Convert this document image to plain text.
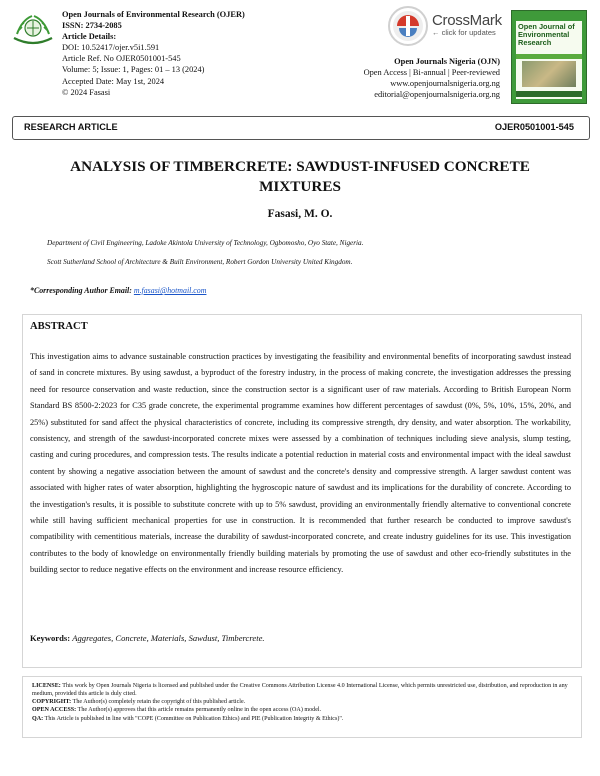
Open Journals of Environmental Research (OJER)
ISSN: 2734-2085
Article Details:
DOI: 10.52417/ojer.v5i1.591
Article Ref. No OJER0501001-545
Volume: 5; Issue: 1, Pages: 01 – 13 (2024)
Accepted Date: May 1st, 2024
© 2024 Fasasi
CrossMark
← click for updates
Open Journals Nigeria (OJN)
Open Access | Bi-annual | Peer-reviewed
www.openjournalsnigeria.org.ng
editorial@openjournalsnigeria.org.ng
Open Journal of Environmental Research
RESEARCH ARTICLE	OJER0501001-545
ANALYSIS OF TIMBERCRETE: SAWDUST-INFUSED CONCRETE
MIXTURES
Fasasi, M. O.
Department of Civil Engineering, Ladoke Akintola University of Technology, Ogbomosho, Oyo State, Nigeria.
Scott Sutherland School of Architecture & Built Environment, Robert Gordon University United Kingdom.
*Corresponding Author Email: m.fasasi@hotmail.com
ABSTRACT
This investigation aims to advance sustainable construction practices by investigating the feasibility and environmental benefits of incorporating sawdust instead of sand in concrete mixtures. By using sawdust, a byproduct of the forestry industry, in the process of making concrete, the investigation addresses the pressing need for resource conservation and waste reduction, since the construction sector is a significant user of raw materials. According to British European Norm Standard BS 8500-2:2023 for C35 grade concrete, the experimental programme examines how different percentages of sawdust (0%, 5%, 10%, 15%, 20%, and 25%) substituted for sand affect the physical characteristics of concrete, including its compressive strength, dry density, and water absorption. The workability, consistency, and strength of the sawdust-incorporated concrete mixes were assessed by a combination of techniques including sieve analysis, slump testing, casting and curing procedures, and compression tests. The results indicate a potential reduction in material costs and environmental impact with the ideal sawdust content by showing a negative association between the amount of sawdust and the concrete's density and compressive strength. A larger sawdust content was associated with higher rates of water absorption, highlighting the hygroscopic nature of sawdust and its implications for the durability of concrete. According to the investigation's results, it is possible to substitute concrete with up to 5% sawdust, providing an environmentally friendly alternative to conventional concrete while still having sufficient mechanical properties for use in construction. It is recommended that further research be conducted to improve sawdust's compatibility with cementitious materials, increase the durability of sawdust-incorporated concrete, and create industry guidelines for its use. This investigation contributes to the body of knowledge on environmentally friendly building materials by promoting the use of sawdust and other eco-friendly substitutes in the building sector to reduce negative effects on the environment and increase resource efficiency.
Keywords: Aggregates, Concrete, Materials, Sawdust, Timbercrete.
LICENSE: This work by Open Journals Nigeria is licensed and published under the Creative Commons Attribution License 4.0 International License, which permits unrestricted use, distribution, and reproduction in any medium, provided this article is duly cited.
COPYRIGHT: The Author(s) completely retain the copyright of this published article.
OPEN ACCESS: The Author(s) approves that this article remains permanently online in the open access (OA) model.
QA: This Article is published in line with "COPE (Committee on Publication Ethics) and PIE (Publication Integrity & Ethics)".
